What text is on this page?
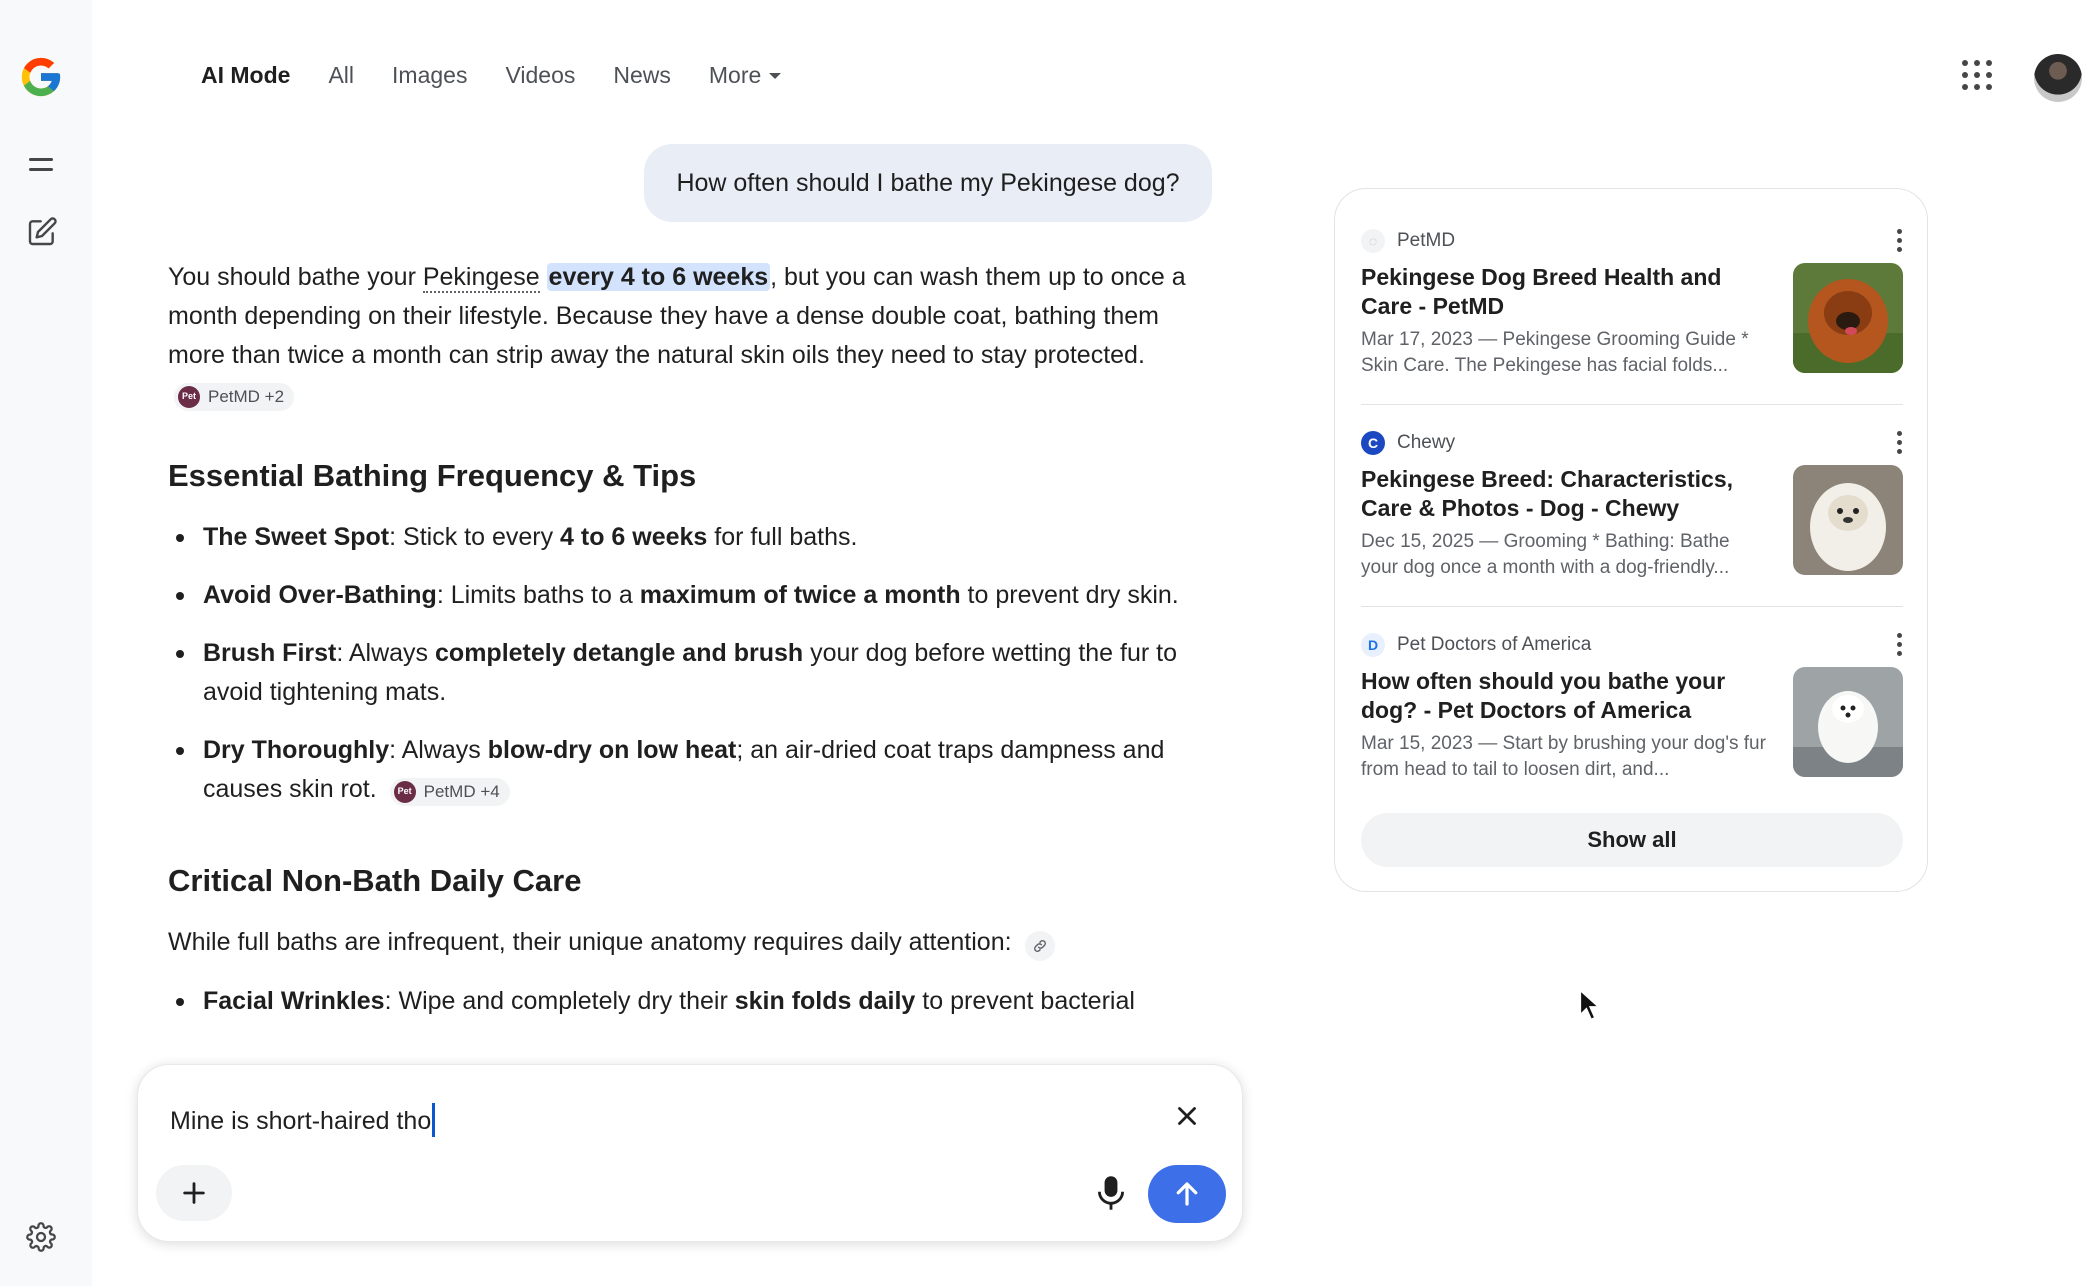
AI Mode All Images Videos News More
How often should I bathe my Pekingese dog?

You should bathe your Pekingese every 4 to 6 weeks, but you can wash them up to once a month depending on their lifestyle. Because they have a dense double coat, bathing them more than twice a month can strip away the natural skin oils they need to stay protected.
Pet PetMD +2

Essential Bathing Frequency & Tips
The Sweet Spot: Stick to every 4 to 6 weeks for full baths.
Avoid Over-Bathing: Limits baths to a maximum of twice a month to prevent dry skin.
Brush First: Always completely detangle and brush your dog before wetting the fur to avoid tightening mats.
Dry Thoroughly: Always blow-dry on low heat; an air-dried coat traps dampness and causes skin rot.	Pet PetMD +4
Critical Non-Bath Daily Care

While full baths are infrequent, their unique anatomy requires daily attention:

Facial Wrinkles: Wipe and completely dry their skin folds daily to prevent bacterial
◌	PetMD
Pekingese Dog Breed Health and Care - PetMD
Mar 17, 2023 — Pekingese Grooming Guide * Skin Care. The Pekingese has facial folds...
C Chewy
Pekingese Breed: Characteristics, Care & Photos - Dog - Chewy
Dec 15, 2025 — Grooming * Bathing: Bathe your dog once a month with a dog-friendly...
D Pet Doctors of America
How often should you bathe your dog? - Pet Doctors of America
Mar 15, 2023 — Start by brushing your dog's fur from head to tail to loosen dirt, and...
Show all
Mine is short-haired tho
